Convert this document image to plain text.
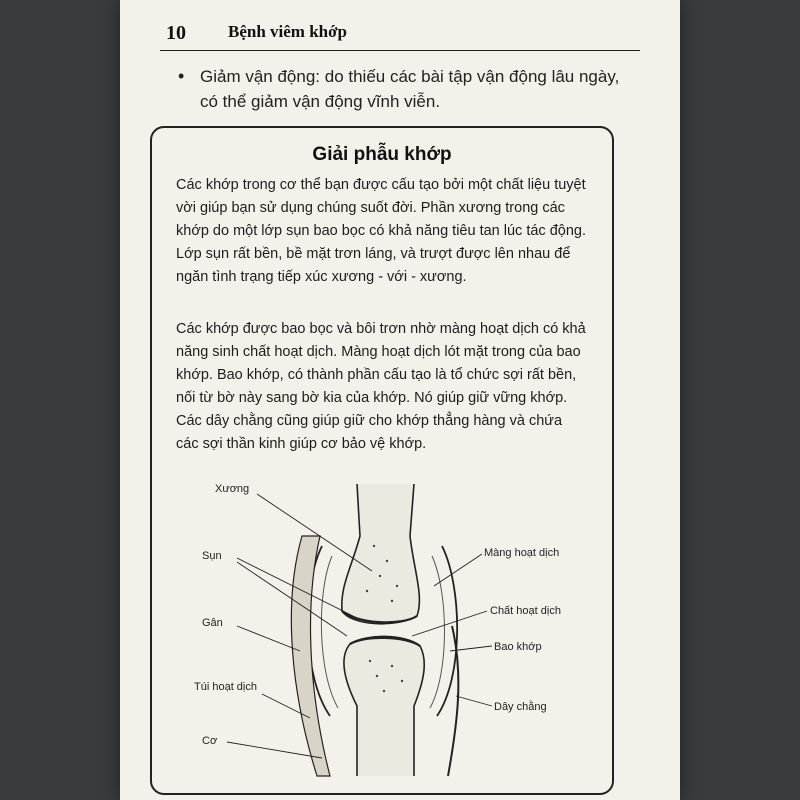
10 Bệnh viêm khớp
• Giảm vận động: do thiếu các bài tập vận động lâu ngày, có thể giảm vận động vĩnh viễn.
Giải phẫu khớp
Các khớp trong cơ thể bạn được cấu tạo bởi một chất liệu tuyệt vời giúp bạn sử dụng chúng suốt đời. Phần xương trong các khớp do một lớp sụn bao bọc có khả năng tiêu tan lúc tác động. Lớp sụn rất bền, bề mặt trơn láng, và trượt được lên nhau để ngăn tình trạng tiếp xúc xương - với - xương.
Các khớp được bao bọc và bôi trơn nhờ màng hoạt dịch có khả năng sinh chất hoạt dịch. Màng hoạt dịch lót mặt trong của bao khớp. Bao khớp, có thành phần cấu tạo là tổ chức sợi rất bền, nối từ bờ này sang bờ kia của khớp. Nó giúp giữ vững khớp. Các dây chằng cũng giúp giữ cho khớp thẳng hàng và chứa các sợi thần kinh giúp cơ bảo vệ khớp.
Xương
Sụn
Gân
Túi hoạt dịch
Cơ
Màng hoạt dịch
Chất hoạt dịch
Bao khớp
Dây chằng
